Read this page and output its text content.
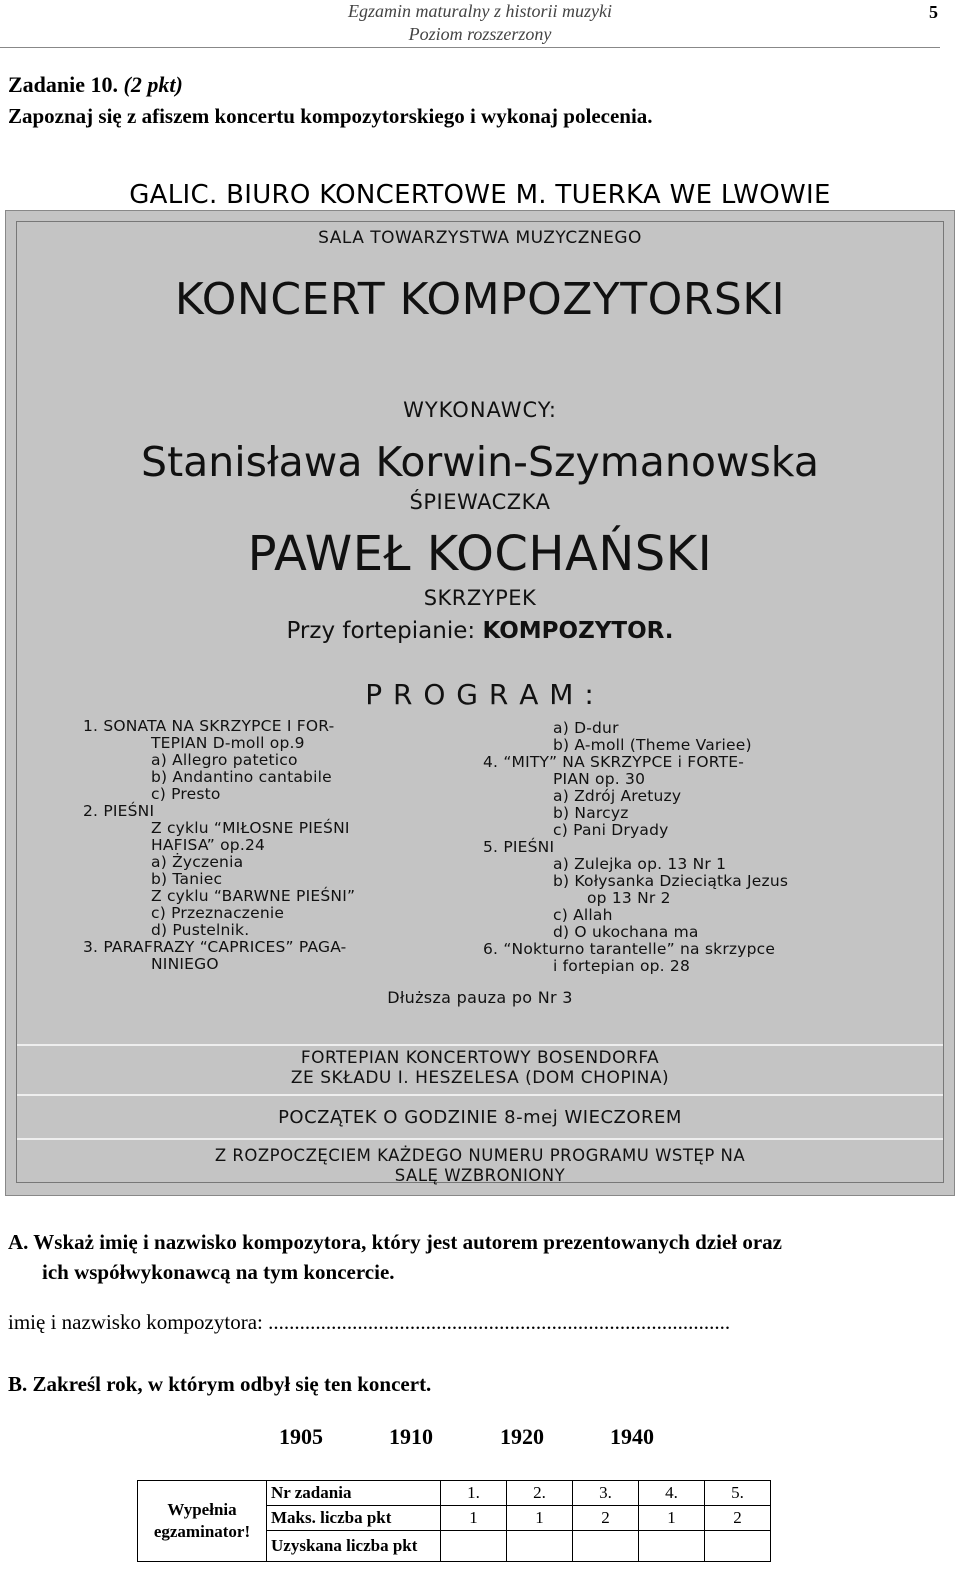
Egzamin maturalny z historii muzyki
Poziom rozszerzony
5
Zadanie 10. (2 pkt)
Zapoznaj się z afiszem koncertu kompozytorskiego i wykonaj polecenia.
GALIC. BIURO KONCERTOWE M. TUERKA WE LWOWIE
SALA TOWARZYSTWA MUZYCZNEGO
KONCERT KOMPOZYTORSKI
WYKONAWCY:
Stanisława Korwin-Szymanowska
ŚPIEWACZKA
PAWEŁ KOCHAŃSKI
SKRZYPEK
Przy fortepianie: KOMPOZYTOR.
P R O G R A M :
1. SONATA NA SKRZYPCE I FOR-
TEPIAN D-moll op.9
a) Allegro patetico
b) Andantino cantabile
c) Presto
2. PIEŚNI
Z cyklu “MIŁOSNE PIEŚNI
HAFISA” op.24
a) Życzenia
b) Taniec
Z cyklu “BARWNE PIEŚNI”
c) Przeznaczenie
d) Pustelnik.
3. PARAFRAZY “CAPRICES” PAGA-
NINIEGO
a) D-dur
b) A-moll (Theme Variee)
4. “MITY” NA SKRZYPCE i FORTE-
PIAN op. 30
a) Zdrój Aretuzy
b) Narcyz
c) Pani Dryady
5. PIEŚNI
a) Zulejka op. 13 Nr 1
b) Kołysanka Dzieciątka Jezus
op 13 Nr 2
c) Allah
d) O ukochana ma
6. “Nokturno tarantelle” na skrzypce
i fortepian op. 28
Dłuższa pauza po Nr 3
FORTEPIAN KONCERTOWY BOSENDORFA
ZE SKŁADU I. HESZELESA (DOM CHOPINA)
POCZĄTEK O GODZINIE 8-mej WIECZOREM
Z ROZPOCZĘCIEM KAŻDEGO NUMERU PROGRAMU WSTĘP NA
SALĘ WZBRONIONY
A. Wskaż imię i nazwisko kompozytora, który jest autorem prezentowanych dzieł oraz
ich współwykonawcą na tym koncercie.
imię i nazwisko kompozytora: ........................................................................................
B. Zakreśl rok, w którym odbył się ten koncert.
1905	1910	1920	1940
Wypełnia
egzaminator!	Nr zadania	1.	2.	3.	4.	5.
	Maks. liczba pkt	1	1	2	1	2
	Uzyskana liczba pkt					
